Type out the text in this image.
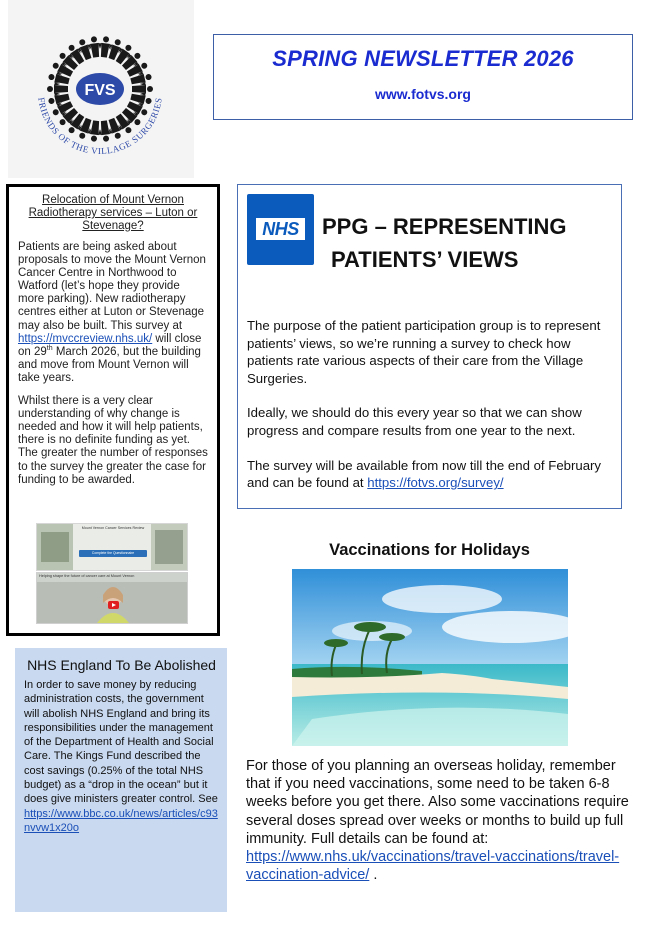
FVS
FRIENDS OF THE VILLAGE SURGERIES
SPRING NEWSLETTER 2026
www.fotvs.org
Relocation of Mount Vernon Radiotherapy services – Luton or Stevenage?

Patients are being asked about proposals to move the Mount Vernon Cancer Centre in Northwood to Watford (let’s hope they provide more parking). New radiotherapy centres either at Luton or Stevenage may also be built. This survey at https://mvccreview.nhs.uk/ will close on 29th March 2026, but the building and move from Mount Vernon will take years.

Whilst there is a very clear understanding of why change is needed and how it will help patients, there is no definite funding as yet. The greater the number of responses to the survey the greater the case for funding to be awarded.

Mount Vernon Cancer Services Review
Complete the Questionnaire
Helping shape the future of cancer care at Mount Vernon
NHS England To Be Abolished
In order to save money by reducing administration costs, the government will abolish NHS England and bring its responsibilities under the management of the Department of Health and Social Care. The Kings Fund described the cost savings (0.25% of the total NHS budget) as a “drop in the ocean” but it does give ministers greater control. See https://www.bbc.co.uk/news/articles/c93nvvw1x20o
NHS PPG – REPRESENTING
PATIENTS’ VIEWS

The purpose of the patient participation group is to represent patients’ views, so we’re running a survey to check how patients rate various aspects of their care from the Village Surgeries.

Ideally, we should do this every year so that we can show progress and compare results from one year to the next.

The survey will be available from now till the end of February and can be found at https://fotvs.org/survey/

Vaccinations for Holidays
For those of you planning an overseas holiday, remember that if you need vaccinations, some need to be taken 6-8 weeks before you get there. Also some vaccinations require several doses spread over weeks or months to build up full immunity. Full details can be found at: https://www.nhs.uk/vaccinations/travel-vaccinations/travel-vaccination-advice/ .
